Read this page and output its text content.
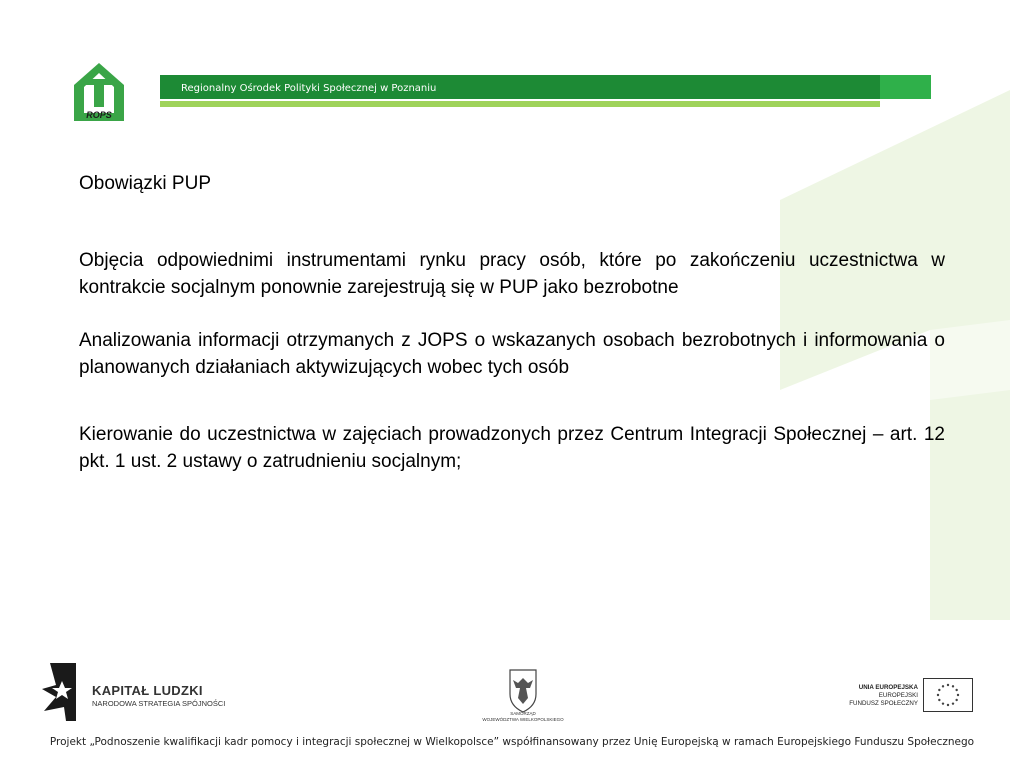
ROPS
Regionalny Ośrodek Polityki Społecznej w Poznaniu
Obowiązki PUP

Objęcia odpowiednimi instrumentami rynku pracy osób, które po zakończeniu uczestnictwa w kontrakcie socjalnym ponownie zarejestrują się w PUP jako bezrobotne

Analizowania informacji otrzymanych z JOPS o wskazanych osobach bezrobotnych i informowania o planowanych działaniach aktywizujących wobec tych osób

Kierowanie do uczestnictwa w zajęciach prowadzonych przez Centrum Integracji Społecznej – art. 12 pkt. 1 ust. 2 ustawy o zatrudnieniu socjalnym;

KAPITAŁ LUDZKI
NARODOWA STRATEGIA SPÓJNOŚCI
SAMORZĄD
WOJEWÓDZTWA WIELKOPOLSKIEGO
UNIA EUROPEJSKA
EUROPEJSKI
FUNDUSZ SPOŁECZNY
Projekt „Podnoszenie kwalifikacji kadr pomocy i integracji społecznej w Wielkopolsce” współfinansowany przez Unię Europejską w ramach Europejskiego Funduszu Społecznego
